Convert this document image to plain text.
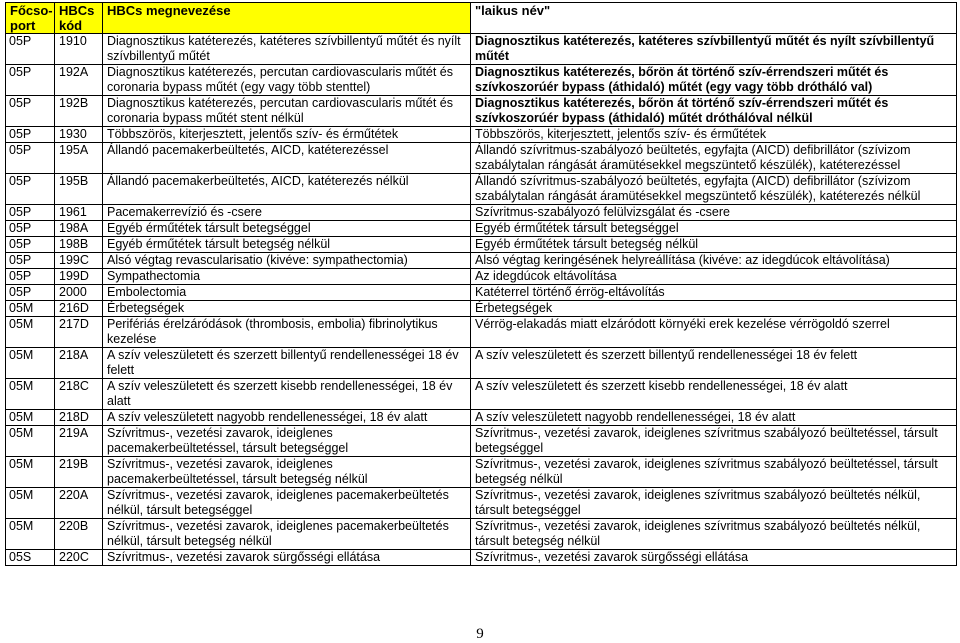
Főcso-port	HBCs kód	HBCs megnevezése	"laikus név"
05P	1910	Diagnosztikus katéterezés, katéteres szívbillentyű műtét és nyílt szívbillentyű műtét	Diagnosztikus katéterezés, katéteres szívbillentyű műtét és nyílt szívbillentyű műtét
05P	192A	Diagnosztikus katéterezés, percutan cardiovascularis műtét és coronaria bypass műtét (egy vagy több stenttel)	Diagnosztikus katéterezés, bőrön át történő szív-érrendszeri műtét és szívkoszorúér bypass (áthidaló) műtét (egy vagy több drótháló val)
05P	192B	Diagnosztikus katéterezés, percutan cardiovascularis műtét és coronaria bypass műtét stent nélkül	Diagnosztikus katéterezés, bőrön át történő szív-érrendszeri műtét és szívkoszorúér bypass (áthidaló) műtét dróthálóval nélkül
05P	1930	Többszörös, kiterjesztett, jelentős szív- és érműtétek	Többszörös, kiterjesztett, jelentős szív- és érműtétek
05P	195A	Állandó pacemakerbeültetés, AICD, katéterezéssel	Állandó szívritmus-szabályozó beültetés, egyfajta (AICD) defibrillátor (szívizom szabálytalan rángását áramütésekkel megszüntető készülék), katéterezéssel
05P	195B	Állandó pacemakerbeültetés, AICD, katéterezés nélkül	Állandó szívritmus-szabályozó beültetés, egyfajta (AICD) defibrillátor (szívizom szabálytalan rángását áramütésekkel megszüntető készülék), katéterezés nélkül
05P	1961	Pacemakerrevízió és -csere	Szívritmus-szabályozó felülvizsgálat és -csere
05P	198A	Egyéb érműtétek társult betegséggel	Egyéb érműtétek társult betegséggel
05P	198B	Egyéb érműtétek társult betegség nélkül	Egyéb érműtétek társult betegség nélkül
05P	199C	Alsó végtag revascularisatio (kivéve: sympathectomia)	Alsó végtag keringésének helyreállítása (kivéve: az idegdúcok eltávolítása)
05P	199D	Sympathectomia	Az idegdúcok eltávolítása
05P	2000	Embolectomia	Katéterrel történő érrög-eltávolítás
05M	216D	Érbetegségek	Érbetegségek
05M	217D	Perifériás érelzáródások (thrombosis, embolia) fibrinolytikus kezelése	Vérrög-elakadás miatt elzáródott környéki erek kezelése vérrögoldó szerrel
05M	218A	A szív veleszületett és szerzett billentyű rendellenességei 18 év felett	A szív veleszületett és szerzett billentyű rendellenességei 18 év felett
05M	218C	A szív veleszületett és szerzett kisebb rendellenességei, 18 év alatt	A szív veleszületett és szerzett kisebb rendellenességei, 18 év alatt
05M	218D	A szív veleszületett nagyobb rendellenességei, 18 év alatt	A szív veleszületett nagyobb rendellenességei, 18 év alatt
05M	219A	Szívritmus-, vezetési zavarok, ideiglenes pacemakerbeültetéssel, társult betegséggel	Szívritmus-, vezetési zavarok, ideiglenes szívritmus szabályozó beültetéssel, társult betegséggel
05M	219B	Szívritmus-, vezetési zavarok, ideiglenes pacemakerbeültetéssel, társult betegség nélkül	Szívritmus-, vezetési zavarok, ideiglenes szívritmus szabályozó beültetéssel, társult betegség nélkül
05M	220A	Szívritmus-, vezetési zavarok, ideiglenes pacemakerbeültetés nélkül, társult betegséggel	Szívritmus-, vezetési zavarok, ideiglenes szívritmus szabályozó beültetés nélkül, társult betegséggel
05M	220B	Szívritmus-, vezetési zavarok, ideiglenes pacemakerbeültetés nélkül, társult betegség nélkül	Szívritmus-, vezetési zavarok, ideiglenes szívritmus szabályozó beültetés nélkül, társult betegség nélkül
05S	220C	Szívritmus-, vezetési zavarok sürgősségi ellátása	Szívritmus-, vezetési zavarok sürgősségi ellátása
9
